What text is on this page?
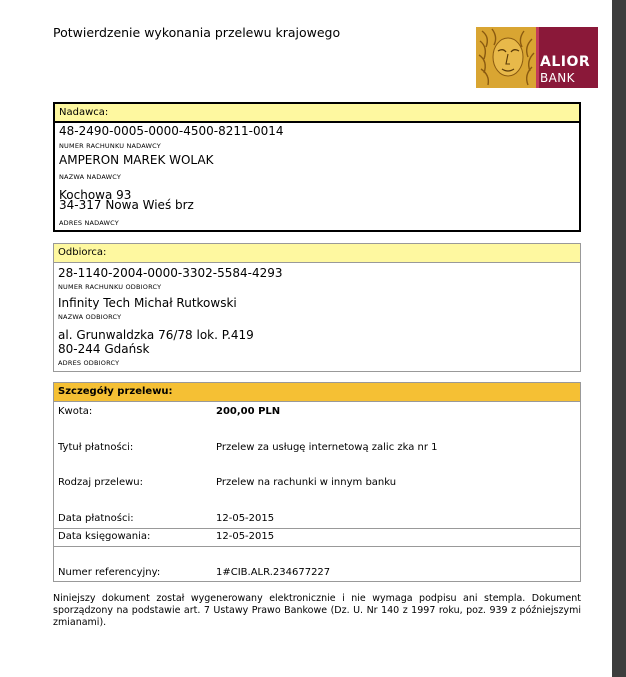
Potwierdzenie wykonania przelewu krajowego
ALIOR
BANK
Nadawca:
48-2490-0005-0000-4500-8211-0014
NUMER RACHUNKU NADAWCY
AMPERON MAREK WOLAK
NAZWA NADAWCY
Kochowa 93
34-317 Nowa Wieś brz
ADRES NADAWCY
Odbiorca:
28-1140-2004-0000-3302-5584-4293
NUMER RACHUNKU ODBIORCY
Infinity Tech Michał Rutkowski
NAZWA ODBIORCY
al. Grunwaldzka 76/78 lok. P.419
80-244 Gdańsk
ADRES ODBIORCY
Szczegóły przelewu:
Kwota:	200,00 PLN
Tytuł płatności:	Przelew za usługę internetową zalic zka nr 1
Rodzaj przelewu:	Przelew na rachunki w innym banku
Data płatności:	12-05-2015
Data księgowania:	12-05-2015
Numer referencyjny:	1#CIB.ALR.234677227
Niniejszy dokument został wygenerowany elektronicznie i nie wymaga podpisu ani stempla. Dokument sporządzony na podstawie art. 7 Ustawy Prawo Bankowe (Dz. U. Nr 140 z 1997 roku, poz. 939 z późniejszymi zmianami).
